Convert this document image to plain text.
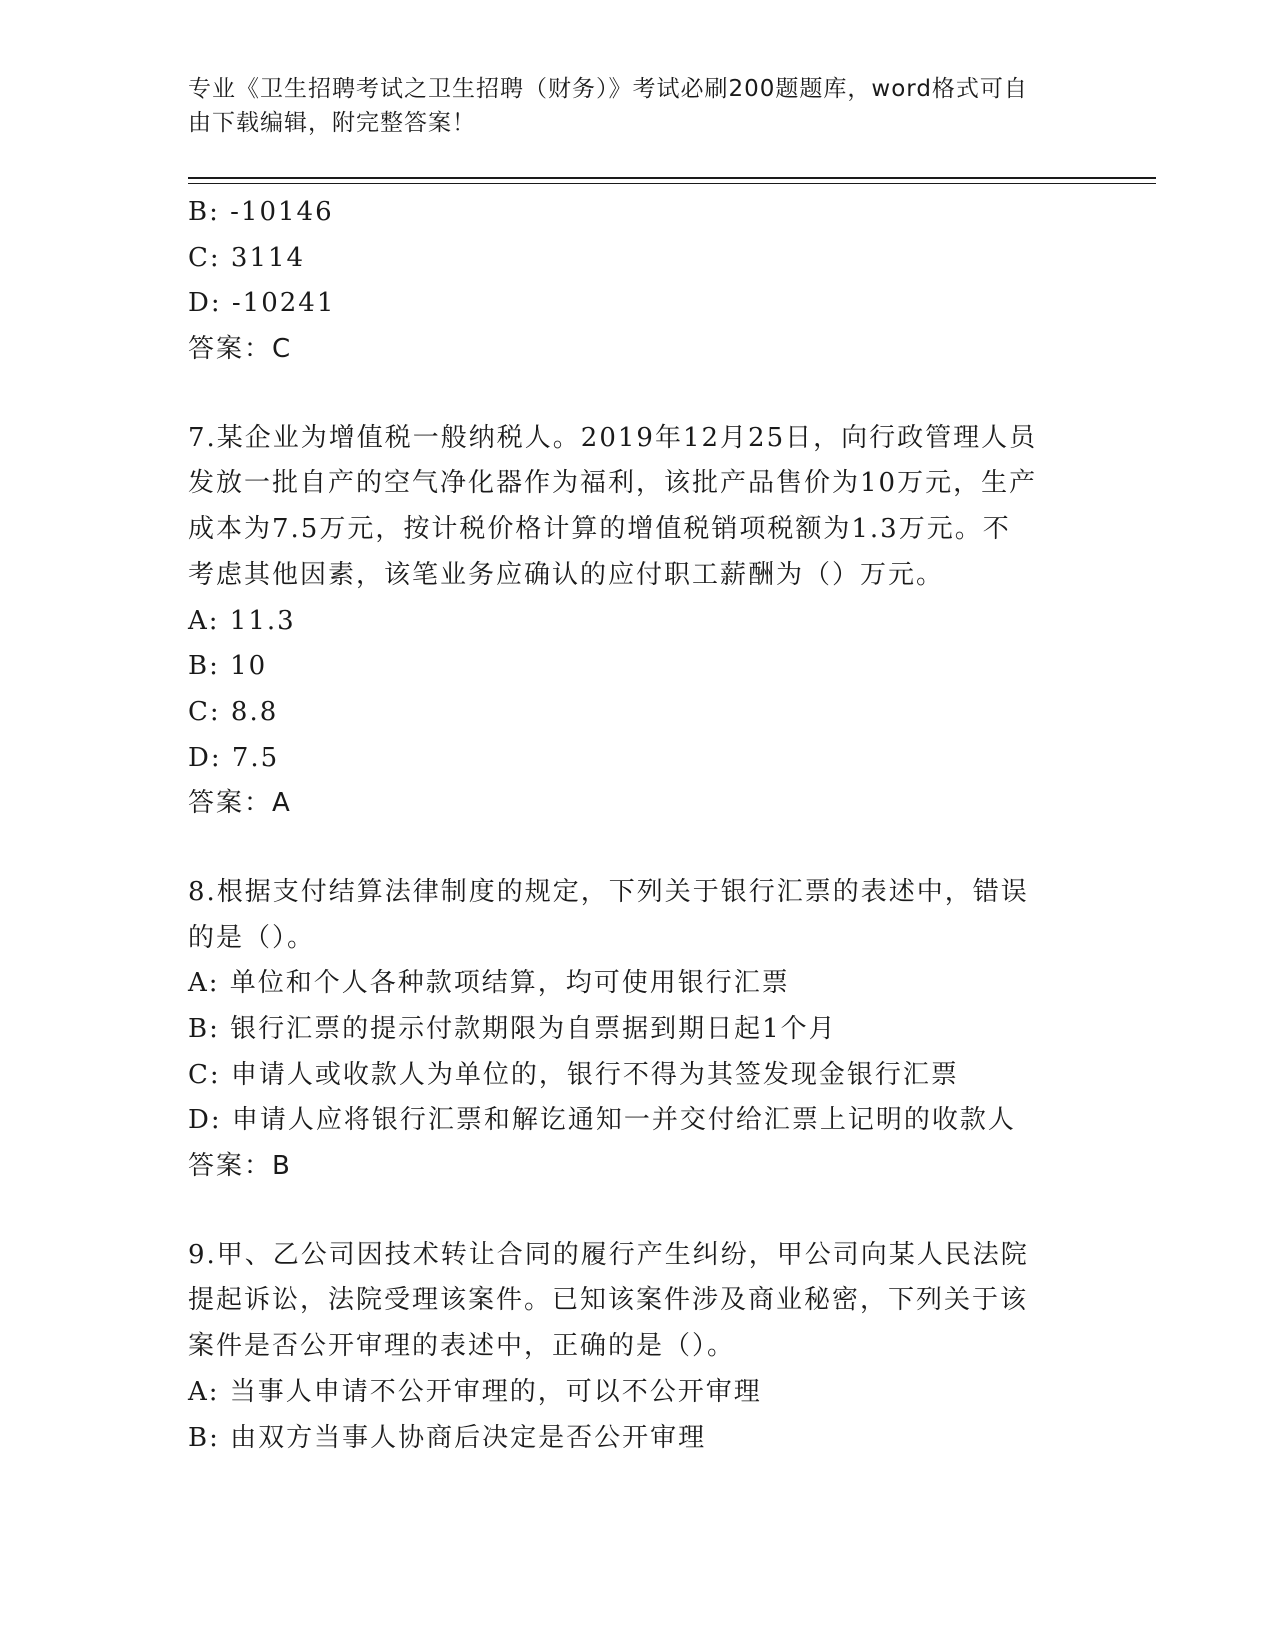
专业《卫生招聘考试之卫生招聘（财务）》考试必刷200题题库，word格式可自
由下载编辑，附完整答案！
B: -10146
C: 3114
D: -10241
答案：C
7.某企业为增值税一般纳税人。2019年12月25日，向行政管理人员
发放一批自产的空气净化器作为福利，该批产品售价为10万元，生产
成本为7.5万元，按计税价格计算的增值税销项税额为1.3万元。不
考虑其他因素，该笔业务应确认的应付职工薪酬为（）万元。
A: 11.3
B: 10
C: 8.8
D: 7.5
答案：A
8.根据支付结算法律制度的规定，下列关于银行汇票的表述中，错误
的是（）。
A: 单位和个人各种款项结算，均可使用银行汇票
B: 银行汇票的提示付款期限为自票据到期日起1个月
C: 申请人或收款人为单位的，银行不得为其签发现金银行汇票
D: 申请人应将银行汇票和解讫通知一并交付给汇票上记明的收款人
答案：B
9.甲、乙公司因技术转让合同的履行产生纠纷，甲公司向某人民法院
提起诉讼，法院受理该案件。已知该案件涉及商业秘密，下列关于该
案件是否公开审理的表述中，正确的是（）。
A: 当事人申请不公开审理的，可以不公开审理
B: 由双方当事人协商后决定是否公开审理
